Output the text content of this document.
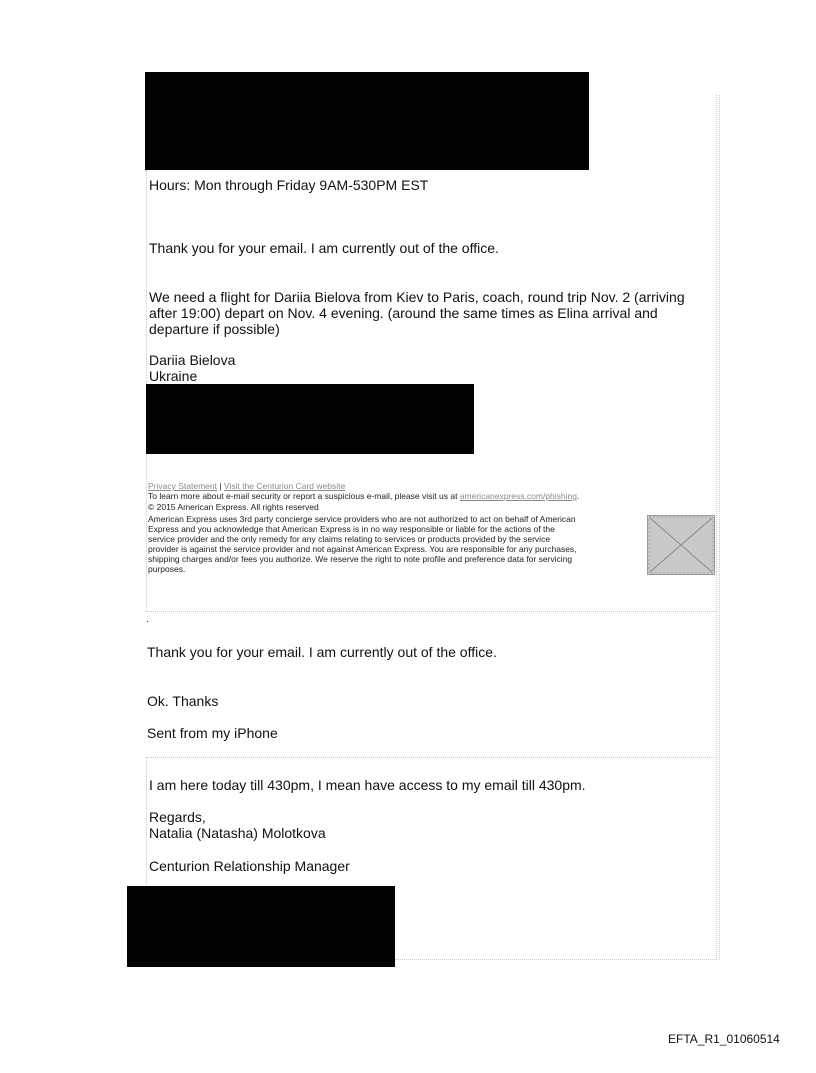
Hours: Mon through Friday 9AM-530PM EST
Thank you for your email. I am currently out of the office.
We need a flight for Dariia Bielova from Kiev to Paris, coach, round trip Nov. 2 (arriving
after 19:00) depart on Nov. 4 evening. (around the same times as Elina arrival and
departure if possible)
Dariia Bielova
Ukraine
Privacy Statement | Visit the Centurion Card website
To learn more about e-mail security or report a suspicious e-mail, please visit us at americanexpress.com/phishing.
© 2015 American Express. All rights reserved
American Express uses 3rd party concierge service providers who are not authorized to act on behalf of American
Express and you acknowledge that American Express is in no way responsible or liable for the actions of the
service provider and the only remedy for any claims relating to services or products provided by the service
provider is against the service provider and not against American Express. You are responsible for any purchases,
shipping charges and/or fees you authorize. We reserve the right to note profile and preference data for servicing
purposes.
.
Thank you for your email. I am currently out of the office.
Ok. Thanks
Sent from my iPhone
I am here today till 430pm, I mean have access to my email till 430pm.
Regards,
Natalia (Natasha) Molotkova
Centurion Relationship Manager
EFTA_R1_01060514
